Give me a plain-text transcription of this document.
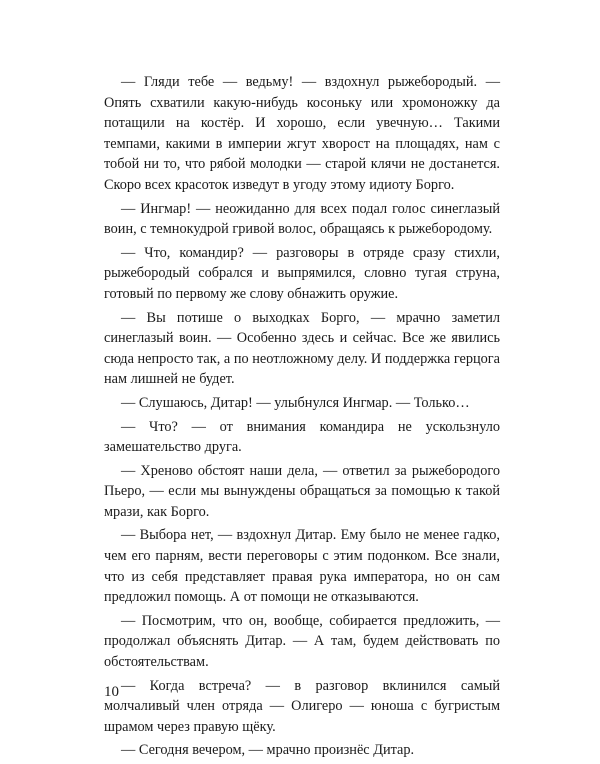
— Гляди тебе — ведьму! — вздохнул рыжебородый. — Опять схватили какую-нибудь косоньку или хромоножку да потащили на костёр. И хорошо, если увечную… Такими темпами, какими в империи жгут хворост на площадях, нам с тобой ни то, что рябой молодки — старой клячи не достанется. Скоро всех красоток изведут в угоду этому идиоту Борго.

— Ингмар! — неожиданно для всех подал голос синеглазый воин, с темнокудрой гривой волос, обращаясь к рыжебородому.

— Что, командир? — разговоры в отряде сразу стихли, рыжебородый собрался и выпрямился, словно тугая струна, готовый по первому же слову обнажить оружие.

— Вы потише о выходках Борго, — мрачно заметил синеглазый воин. — Особенно здесь и сейчас. Все же явились сюда непросто так, а по неотложному делу. И поддержка герцога нам лишней не будет.

— Слушаюсь, Дитар! — улыбнулся Ингмар. — Только…

— Что? — от внимания командира не ускользнуло замешательство друга.

— Хреново обстоят наши дела, — ответил за рыжебородого Пьеро, — если мы вынуждены обращаться за помощью к такой мрази, как Борго.

— Выбора нет, — вздохнул Дитар. Ему было не менее гадко, чем его парням, вести переговоры с этим подонком. Все знали, что из себя представляет правая рука императора, но он сам предложил помощь. А от помощи не отказываются.

— Посмотрим, что он, вообще, собирается предложить, — продолжал объяснять Дитар. — А там, будем действовать по обстоятельствам.

— Когда встреча? — в разговор вклинился самый молчаливый член отряда — Олигеро — юноша с бугристым шрамом через правую щёку.

— Сегодня вечером, — мрачно произнёс Дитар.

10
